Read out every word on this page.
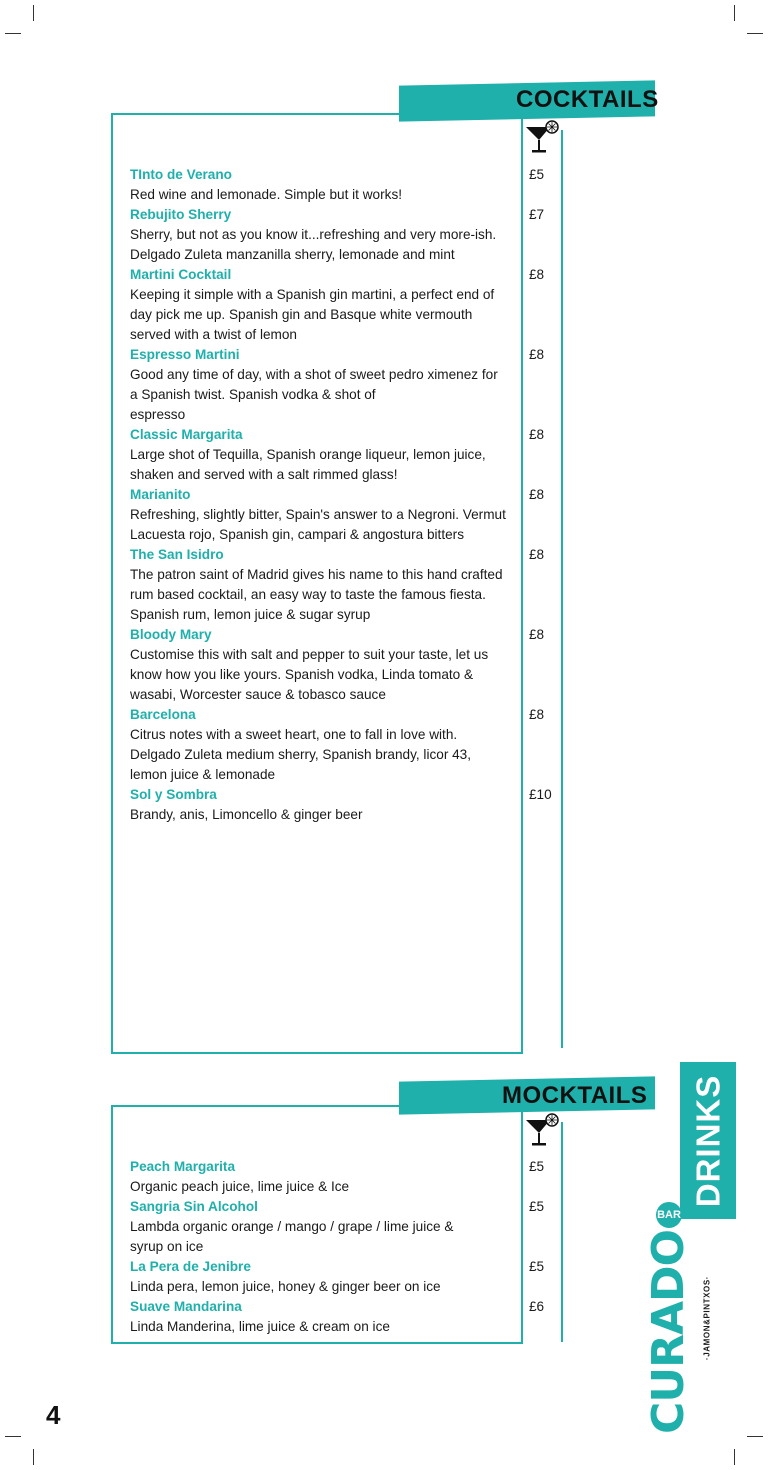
COCKTAILS
TInto de Verano	£5
Red wine and lemonade. Simple but it works!
Rebujito Sherry	£7
Sherry, but not as you know it...refreshing and very more-ish.
Delgado Zuleta manzanilla sherry, lemonade and mint
Martini Cocktail	£8
Keeping it simple with a Spanish gin martini, a perfect end of
day pick me up. Spanish gin and Basque white vermouth
served with a twist of lemon
Espresso Martini	£8
Good any time of day, with a shot of sweet pedro ximenez for
a Spanish twist. Spanish vodka & shot of
espresso
Classic Margarita	£8
Large shot of Tequilla, Spanish orange liqueur, lemon juice,
shaken and served with a salt rimmed glass!
Marianito	£8
Refreshing, slightly bitter, Spain's answer to a Negroni. Vermut
Lacuesta rojo, Spanish gin, campari & angostura bitters
The San Isidro	£8
The patron saint of Madrid gives his name to this hand crafted
rum based cocktail, an easy way to taste the famous fiesta.
Spanish rum, lemon juice & sugar syrup
Bloody Mary	£8
Customise this with salt and pepper to suit your taste, let us
know how you like yours. Spanish vodka, Linda tomato &
wasabi, Worcester sauce & tobasco sauce
Barcelona	£8
Citrus notes with a sweet heart, one to fall in love with.
Delgado Zuleta medium sherry, Spanish brandy, licor 43,
lemon juice & lemonade
Sol y Sombra	£10
Brandy, anis, Limoncello & ginger beer
MOCKTAILS
Peach Margarita	£5
Organic peach juice, lime juice & Ice
Sangria Sin Alcohol	£5
Lambda organic orange / mango / grape / lime juice &
syrup on ice
La Pera de Jenibre	£5
Linda pera, lemon juice, honey & ginger beer on ice
Suave Mandarina	£6
Linda Manderina, lime juice & cream on ice
DRINKS
CURADO
BAR
·JAMON&PINTXOS·
4
